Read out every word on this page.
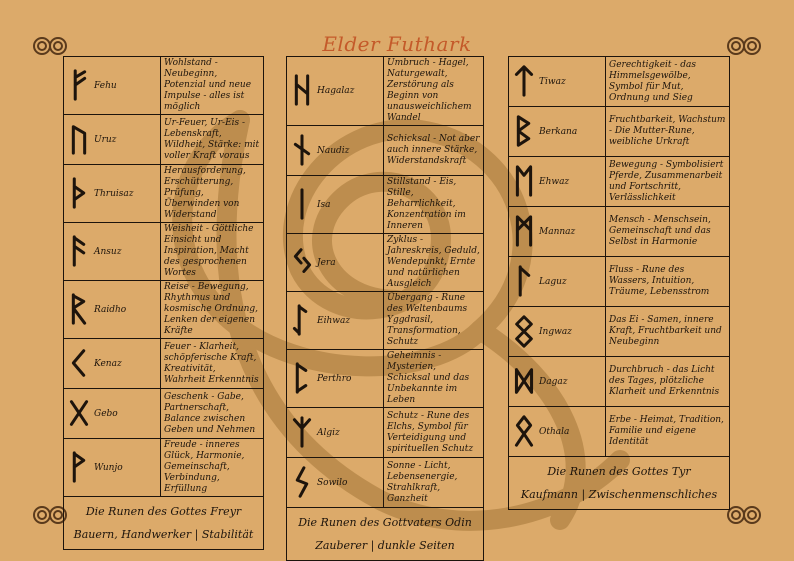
Elder Futhark
Fehu	Wohlstand - Neubeginn, Potenzial und neue Impulse - alles ist möglich

Uruz	Ur-Feuer, Ur-Eis - Lebenskraft, Wildheit, Stärke: mit voller Kraft voraus

Thruisaz	Herausforderung, Erschütterung, Prüfung, Überwinden von Widerstand

Ansuz	Weisheit - Göttliche Einsicht und Inspiration, Macht des gesprochenen Wortes

Raidho	Reise - Bewegung, Rhythmus und kosmische Ordnung, Lenken der eigenen Kräfte

Kenaz	Feuer - Klarheit, schöpferische Kraft, Kreativität, Wahrheit Erkenntnis

Gebo	Geschenk - Gabe, Partnerschaft, Balance zwischen Geben und Nehmen

Wunjo	Freude - inneres Glück, Harmonie, Gemeinschaft, Verbindung, Erfüllung

Die Runen des Gottes Freyr
Bauern, Handwerker | Stabilität	
Hagalaz	Umbruch - Hagel, Naturgewalt, Zerstörung als Beginn von unausweichlichem Wandel

Naudiz	Schicksal - Not aber auch innere Stärke, Widerstandskraft

Isa	Stillstand - Eis, Stille, Beharrlichkeit, Konzentration im Inneren

Jera	Zyklus - Jahreskreis, Geduld, Wendepunkt, Ernte und natürlichen Ausgleich

Eihwaz	Übergang - Rune des Weltenbaums Yggdrasil, Transformation, Schutz

Perthro	Geheimnis - Mysterien, Schicksal und das Unbekannte im Leben

Algiz	Schutz - Rune des Elchs, Symbol für Verteidigung und spirituellen Schutz

Sowilo	Sonne - Licht, Lebensenergie, Strahlkraft, Ganzheit

Die Runen des Gottvaters Odin
Zauberer | dunkle Seiten	
Tiwaz	Gerechtigkeit - das Himmelsgewölbe, Symbol für Mut, Ordnung und Sieg

Berkana	Fruchtbarkeit, Wachstum - Die Mutter-Rune, weibliche Urkraft

Ehwaz	Bewegung - Symbolisiert Pferde, Zusammenarbeit und Fortschritt, Verlässlichkeit

Mannaz	Mensch - Menschsein, Gemeinschaft und das Selbst in Harmonie

Laguz	Fluss - Rune des Wassers, Intuition, Träume, Lebensstrom

Ingwaz	Das Ei - Samen, innere Kraft, Fruchtbarkeit und Neubeginn

Dagaz	Durchbruch - das Licht des Tages, plötzliche Klarheit und Erkenntnis

Othala	Erbe - Heimat, Tradition, Familie und eigene Identität

Die Runen des Gottes Tyr
Kaufmann | Zwischenmenschliches	
